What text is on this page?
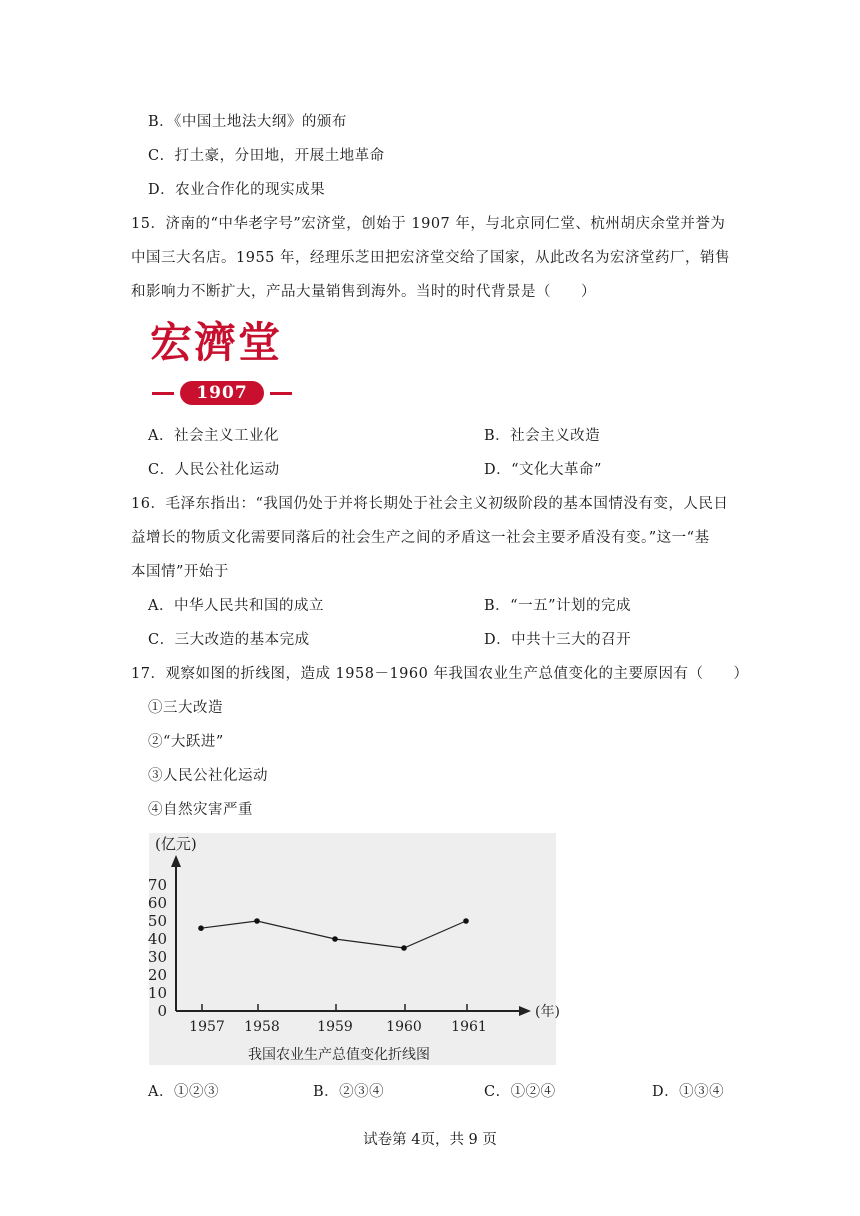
B．《中国土地法大纲》的颁布
C．打土豪，分田地，开展土地革命
D．农业合作化的现实成果
15．济南的“中华老字号”宏济堂，创始于 1907 年，与北京同仁堂、杭州胡庆余堂并誉为
中国三大名店。1955 年，经理乐芝田把宏济堂交给了国家，从此改名为宏济堂药厂，销售
和影响力不断扩大，产品大量销售到海外。当时的时代背景是（　　）
宏濟堂
1907
A．社会主义工业化	B．社会主义改造
C．人民公社化运动	D．“文化大革命”
16．毛泽东指出：“我国仍处于并将长期处于社会主义初级阶段的基本国情没有变，人民日
益增长的物质文化需要同落后的社会生产之间的矛盾这一社会主要矛盾没有变。”这一“基
本国情”开始于
A．中华人民共和国的成立	B．“一五”计划的完成
C．三大改造的基本完成	D．中共十三大的召开
17．观察如图的折线图，造成 1958－1960 年我国农业生产总值变化的主要原因有（　　）
①三大改造
②“大跃进”
③人民公社化运动
④自然灾害严重
0
10
20
30
40
50
60
70
1957 1958	1959 1960 1961
(亿元)
(年)
我国农业生产总值变化折线图
A．①②③	B．②③④	C．①②④	D．①③④
试卷第 4页，共 9 页
